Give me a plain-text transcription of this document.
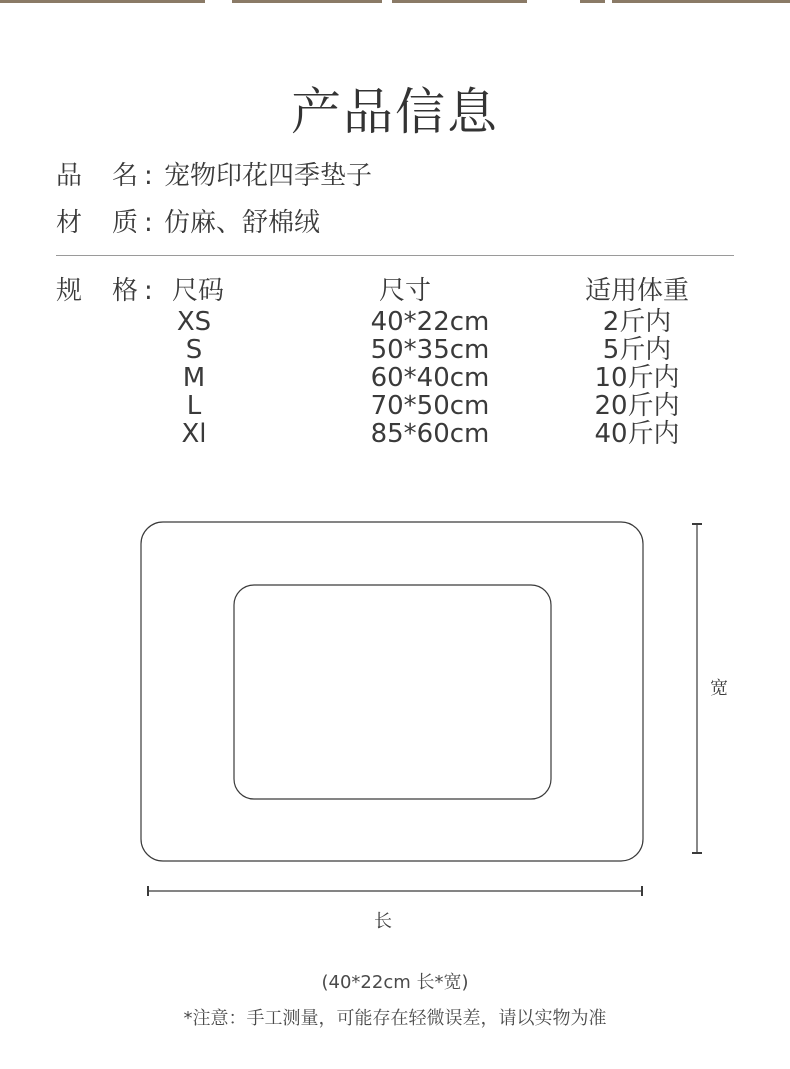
产品信息
品 名 : 宠物印花四季垫子
材 质 : 仿麻、舒棉绒
规 格 : 尺码	尺寸	适用体重
XS	40*22cm	2斤内
S	50*35cm	5斤内
M	60*40cm	10斤内
L	70*50cm	20斤内
Xl	85*60cm	40斤内
宽
长
(40*22cm 长*宽)
*注意：手工测量，可能存在轻微误差，请以实物为准
